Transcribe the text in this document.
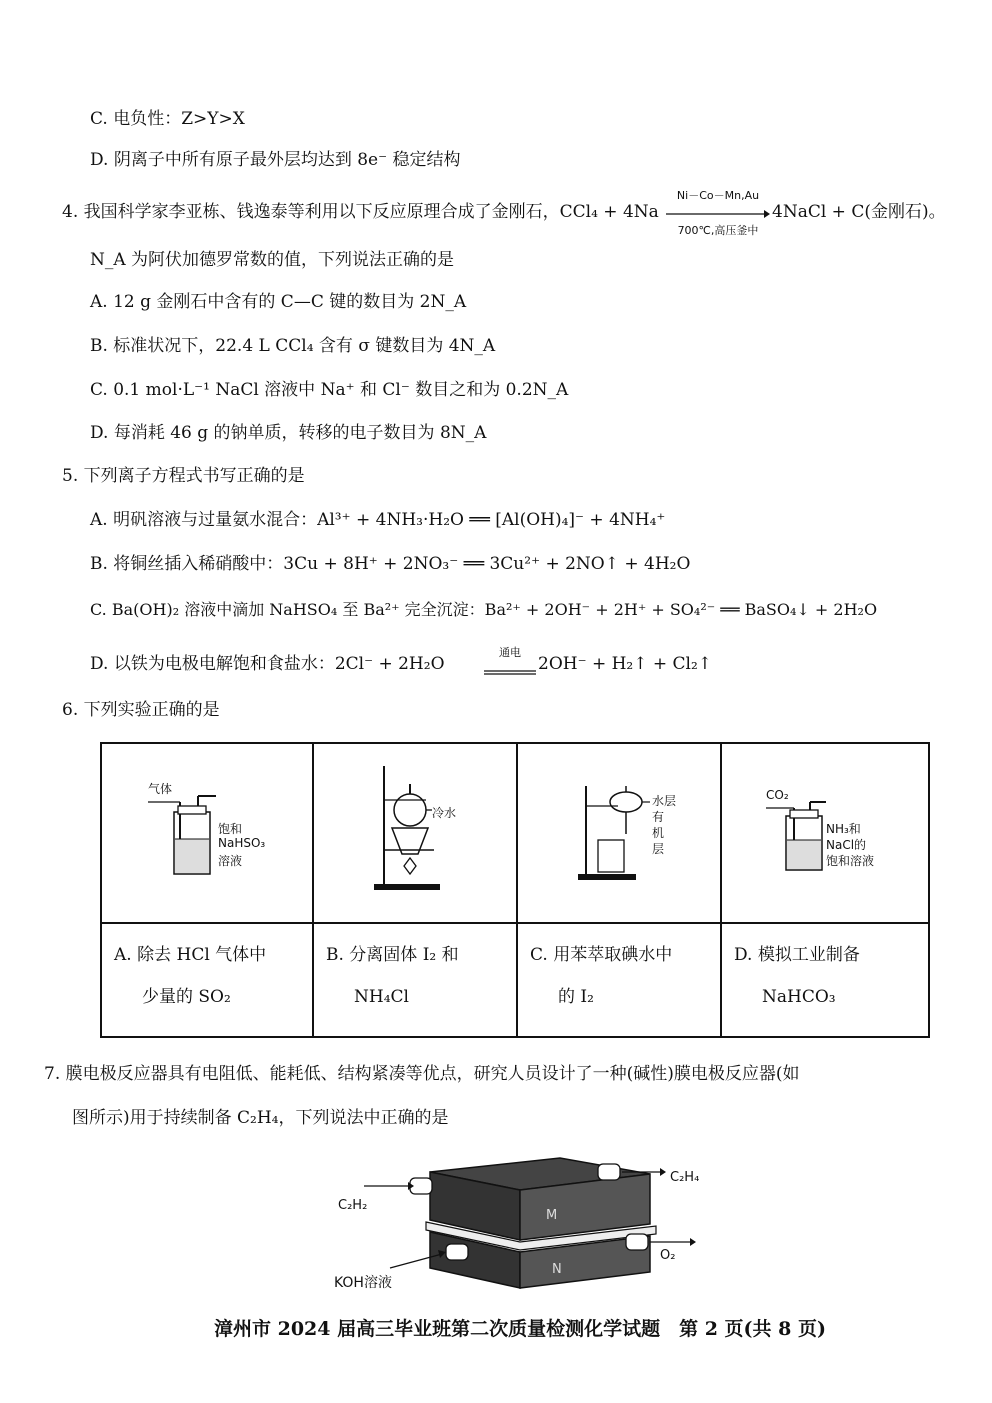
C. 电负性：Z>Y>X
D. 阴离子中所有原子最外层均达到 8e⁻ 稳定结构
4. 我国科学家李亚栋、钱逸泰等利用以下反应原理合成了金刚石，CCl₄ + 4Na
Ni－Co－Mn,Au
700℃,高压釜中
4NaCl + C(金刚石)。
N_A 为阿伏加德罗常数的值，下列说法正确的是
A. 12 g 金刚石中含有的 C—C 键的数目为 2N_A
B. 标准状况下，22.4 L CCl₄ 含有 σ 键数目为 4N_A
C. 0.1 mol·L⁻¹ NaCl 溶液中 Na⁺ 和 Cl⁻ 数目之和为 0.2N_A
D. 每消耗 46 g 的钠单质，转移的电子数目为 8N_A
5. 下列离子方程式书写正确的是
A. 明矾溶液与过量氨水混合：Al³⁺ + 4NH₃·H₂O ══ [Al(OH)₄]⁻ + 4NH₄⁺
B. 将铜丝插入稀硝酸中：3Cu + 8H⁺ + 2NO₃⁻ ══ 3Cu²⁺ + 2NO↑ + 4H₂O
C. Ba(OH)₂ 溶液中滴加 NaHSO₄ 至 Ba²⁺ 完全沉淀：Ba²⁺ + 2OH⁻ + 2H⁺ + SO₄²⁻ ══ BaSO₄↓ + 2H₂O
D. 以铁为电极电解饱和食盐水：2Cl⁻ + 2H₂O
通电
2OH⁻ + H₂↑ + Cl₂↑
6. 下列实验正确的是
气体
饱和
NaHSO₃
溶液
冷水
水层
有
机
层
CO₂
NH₃和
NaCl的
饱和溶液
A. 除去 HCl 气体中
少量的 SO₂
B. 分离固体 I₂ 和
NH₄Cl
C. 用苯萃取碘水中
的 I₂
D. 模拟工业制备
NaHCO₃
7. 膜电极反应器具有电阻低、能耗低、结构紧凑等优点，研究人员设计了一种(碱性)膜电极反应器(如
图所示)用于持续制备 C₂H₄，下列说法中正确的是
C₂H₂
C₂H₄
M
N
O₂
KOH溶液
漳州市 2024 届高三毕业班第二次质量检测化学试题　第 2 页(共 8 页)
